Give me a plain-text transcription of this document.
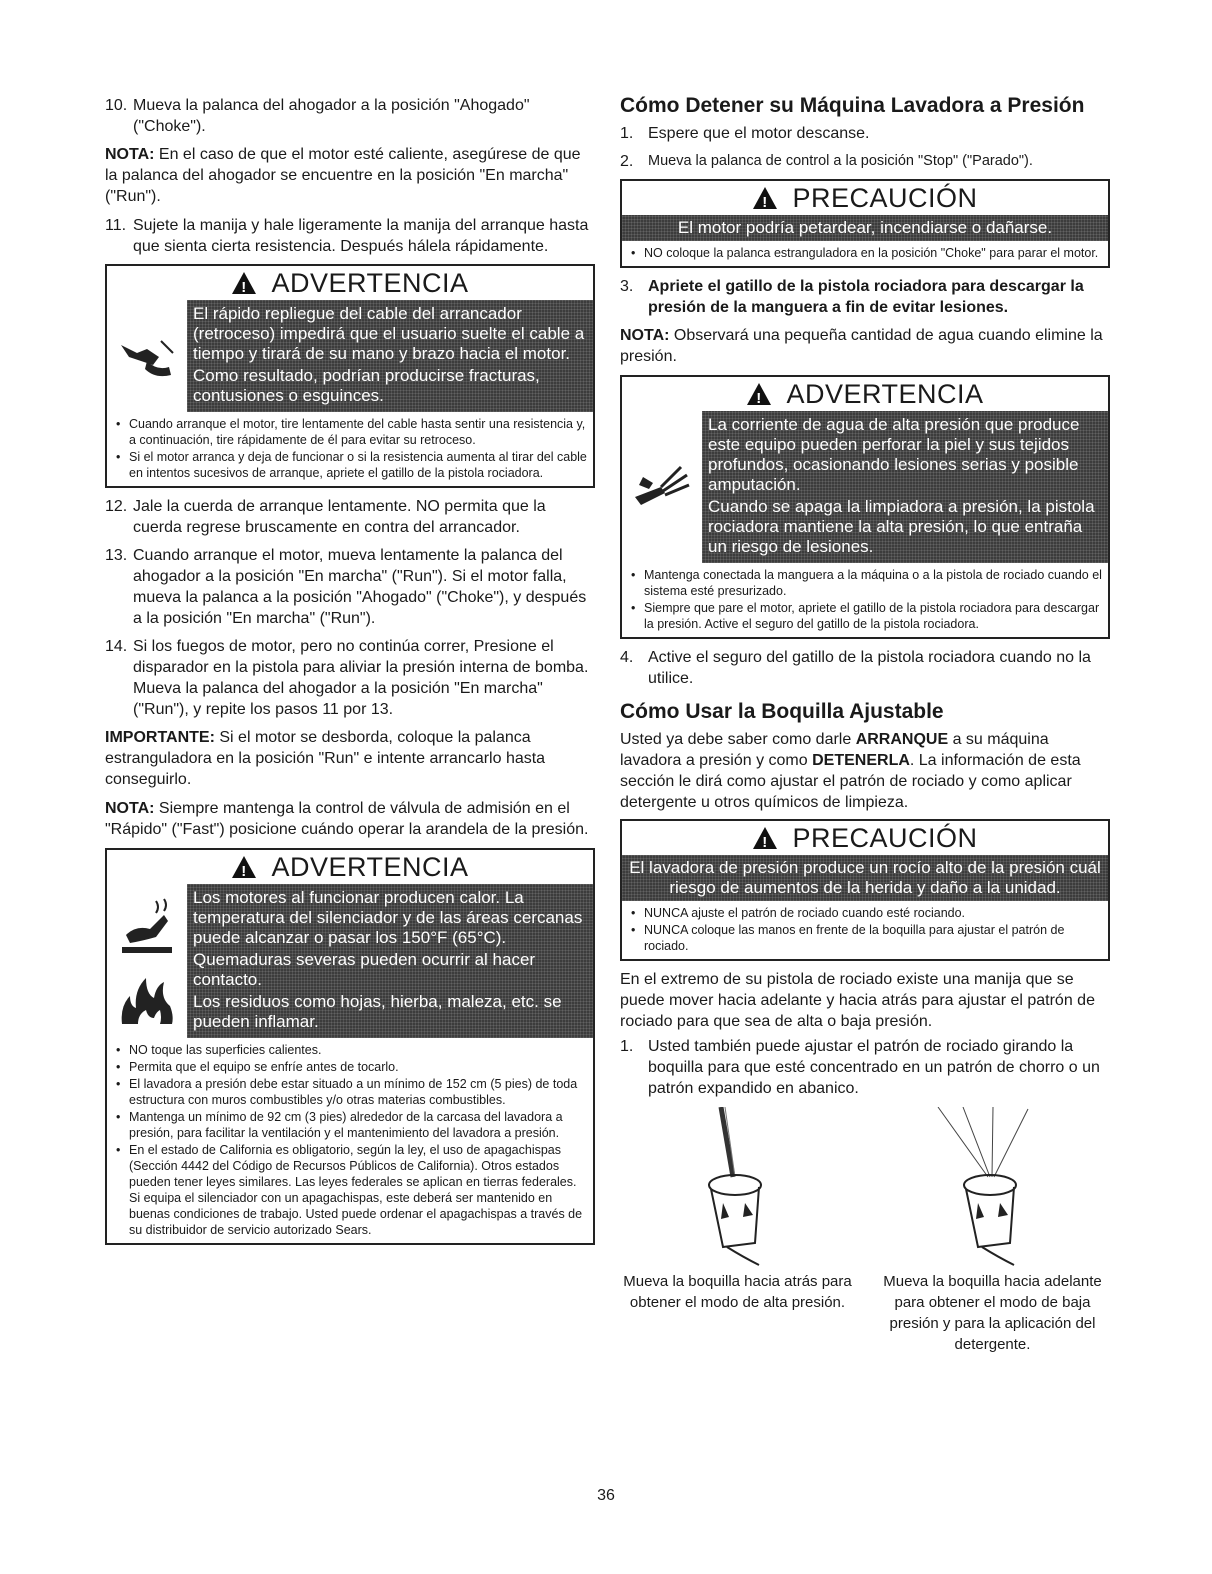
10. Mueva la palanca del ahogador a la posición "Ahogado" ("Choke").

NOTA: En el caso de que el motor esté caliente, asegúrese de que la palanca del ahogador se encuentre en la posición "En marcha" ("Run").

11. Sujete la manija y hale ligeramente la manija del arranque hasta que sienta cierta resistencia. Después hálela rápidamente.
! ADVERTENCIA

El rápido repliegue del cable del arrancador (retroceso) impedirá que el usuario suelte el cable a tiempo y tirará de su mano y brazo hacia el motor.

Como resultado, podrían producirse fracturas, contusiones o esguinces.

• Cuando arranque el motor, tire lentamente del cable hasta sentir una resistencia y, a continuación, tire rápidamente de él para evitar su retroceso.
• Si el motor arranca y deja de funcionar o si la resistencia aumenta al tirar del cable en intentos sucesivos de arranque, apriete el gatillo de la pistola rociadora.
12. Jale la cuerda de arranque lentamente. NO permita que la cuerda regrese bruscamente en contra del arrancador.
13. Cuando arranque el motor, mueva lentamente la palanca del ahogador a la posición "En marcha" ("Run"). Si el motor falla, mueva la palanca a la posición "Ahogado" ("Choke"), y después a la posición "En marcha" ("Run").
14. Si los fuegos de motor, pero no continúa correr, Presione el disparador en la pistola para aliviar la presión interna de bomba. Mueva la palanca del ahogador a la posición "En marcha" ("Run"), y repite los pasos 11 por 13.

IMPORTANTE: Si el motor se desborda, coloque la palanca estranguladora en la posición "Run" e intente arrancarlo hasta conseguirlo.

NOTA: Siempre mantenga la control de válvula de admisión en el "Rápido" ("Fast") posicione cuándo operar la arandela de la presión.

! ADVERTENCIA

Los motores al funcionar producen calor. La temperatura del silenciador y de las áreas cercanas puede alcanzar o pasar los 150°F (65°C).

Quemaduras severas pueden ocurrir al hacer contacto.

Los residuos como hojas, hierba, maleza, etc. se pueden inflamar.

• NO toque las superficies calientes.
• Permita que el equipo se enfríe antes de tocarlo.
• El lavadora a presión debe estar situado a un mínimo de 152 cm (5 pies) de toda estructura con muros combustibles y/o otras materias combustibles.
• Mantenga un mínimo de 92 cm (3 pies) alrededor de la carcasa del lavadora a presión, para facilitar la ventilación y el mantenimiento del lavadora a presión.
• En el estado de California es obligatorio, según la ley, el uso de apagachispas (Sección 4442 del Código de Recursos Públicos de California). Otros estados pueden tener leyes similares. Las leyes federales se aplican en tierras federales. Si equipa el silenciador con un apagachispas, este deberá ser mantenido en buenas condiciones de trabajo. Usted puede ordenar el apagachispas a través de su distribuidor de servicio autorizado Sears.
Cómo Detener su Máquina Lavadora a Presión
1. Espere que el motor descanse.
2.	Mueva la palanca de control a la posición "Stop" ("Parado").
! PRECAUCIÓN
El motor podría petardear, incendiarse o dañarse.
• NO coloque la palanca estranguladora en la posición "Choke" para parar el motor.
3. Apriete el gatillo de la pistola rociadora para descargar la presión de la manguera a fin de evitar lesiones.

NOTA: Observará una pequeña cantidad de agua cuando elimine la presión.

! ADVERTENCIA

La corriente de agua de alta presión que produce este equipo pueden perforar la piel y sus tejidos profundos, ocasionando lesiones serias y posible amputación.

Cuando se apaga la limpiadora a presión, la pistola rociadora mantiene la alta presión, lo que entraña un riesgo de lesiones.

• Mantenga conectada la manguera a la máquina o a la pistola de rociado cuando el sistema esté presurizado.
• Siempre que pare el motor, apriete el gatillo de la pistola rociadora para descargar la presión. Active el seguro del gatillo de la pistola rociadora.
4. Active el seguro del gatillo de la pistola rociadora cuando no la utilice.
Cómo Usar la Boquilla Ajustable

Usted ya debe saber como darle ARRANQUE a su máquina lavadora a presión y como DETENERLA. La información de esta sección le dirá como ajustar el patrón de rociado y como aplicar detergente u otros químicos de limpieza.

! PRECAUCIÓN
El lavadora de presión produce un rocío alto de la presión cuál riesgo de aumentos de la herida y daño a la unidad.
• NUNCA ajuste el patrón de rociado cuando esté rociando.
• NUNCA coloque las manos en frente de la boquilla para ajustar el patrón de rociado.

En el extremo de su pistola de rociado existe una manija que se puede mover hacia adelante y hacia atrás para ajustar el patrón de rociado para que sea de alta o baja presión.

1. Usted también puede ajustar el patrón de rociado girando la boquilla para que esté concentrado en un patrón de chorro o un patrón expandido en abanico.
Mueva la boquilla hacia atrás para obtener el modo de alta presión.
Mueva la boquilla hacia adelante para obtener el modo de baja presión y para la aplicación del detergente.
36
